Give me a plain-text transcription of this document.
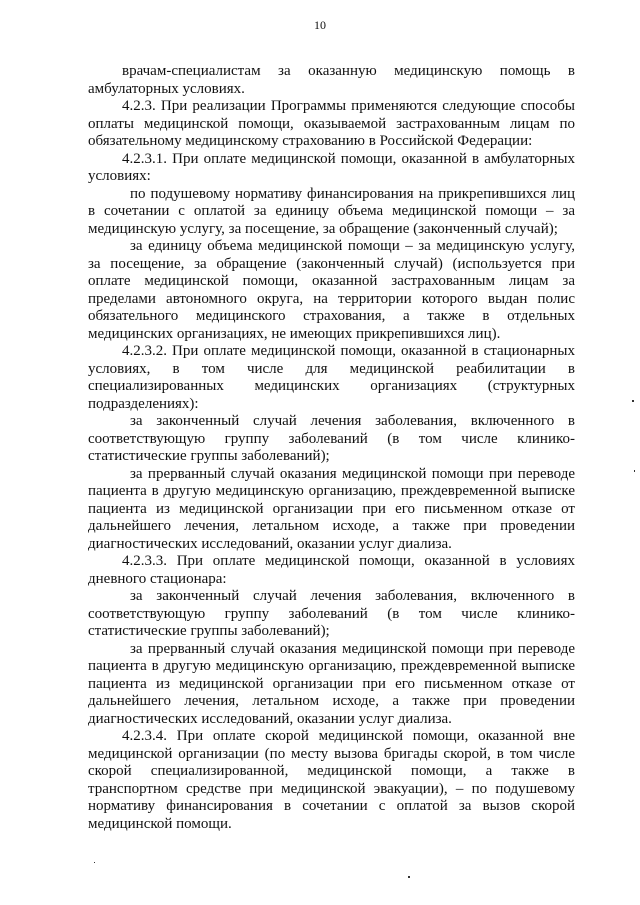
10

врачам-специалистам за оказанную медицинскую помощь в амбулаторных условиях.

4.2.3. При реализации Программы применяются следующие способы оплаты медицинской помощи, оказываемой застрахованным лицам по обязательному медицинскому страхованию в Российской Федерации:

4.2.3.1. При оплате медицинской помощи, оказанной в амбулаторных условиях:

по подушевому нормативу финансирования на прикрепившихся лиц в сочетании с оплатой за единицу объема медицинской помощи – за медицинскую услугу, за посещение, за обращение (законченный случай);

за единицу объема медицинской помощи – за медицинскую услугу, за посещение, за обращение (законченный случай) (используется при оплате медицинской помощи, оказанной застрахованным лицам за пределами автономного округа, на территории которого выдан полис обязательного медицинского страхования, а также в отдельных медицинских организациях, не имеющих прикрепившихся лиц).

4.2.3.2. При оплате медицинской помощи, оказанной в стационарных условиях, в том числе для медицинской реабилитации в специализированных медицинских организациях (структурных подразделениях):

за законченный случай лечения заболевания, включенного в соответствующую группу заболеваний (в том числе клинико-статистические группы заболеваний);

за прерванный случай оказания медицинской помощи при переводе пациента в другую медицинскую организацию, преждевременной выписке пациента из медицинской организации при его письменном отказе от дальнейшего лечения, летальном исходе, а также при проведении диагностических исследований, оказании услуг диализа.

4.2.3.3. При оплате медицинской помощи, оказанной в условиях дневного стационара:

за законченный случай лечения заболевания, включенного в соответствующую группу заболеваний (в том числе клинико-статистические группы заболеваний);

за прерванный случай оказания медицинской помощи при переводе пациента в другую медицинскую организацию, преждевременной выписке пациента из медицинской организации при его письменном отказе от дальнейшего лечения, летальном исходе, а также при проведении диагностических исследований, оказании услуг диализа.

4.2.3.4. При оплате скорой медицинской помощи, оказанной вне медицинской организации (по месту вызова бригады скорой, в том числе скорой специализированной, медицинской помощи, а также в транспортном средстве при медицинской эвакуации), – по подушевому нормативу финансирования в сочетании с оплатой за вызов скорой медицинской помощи.
